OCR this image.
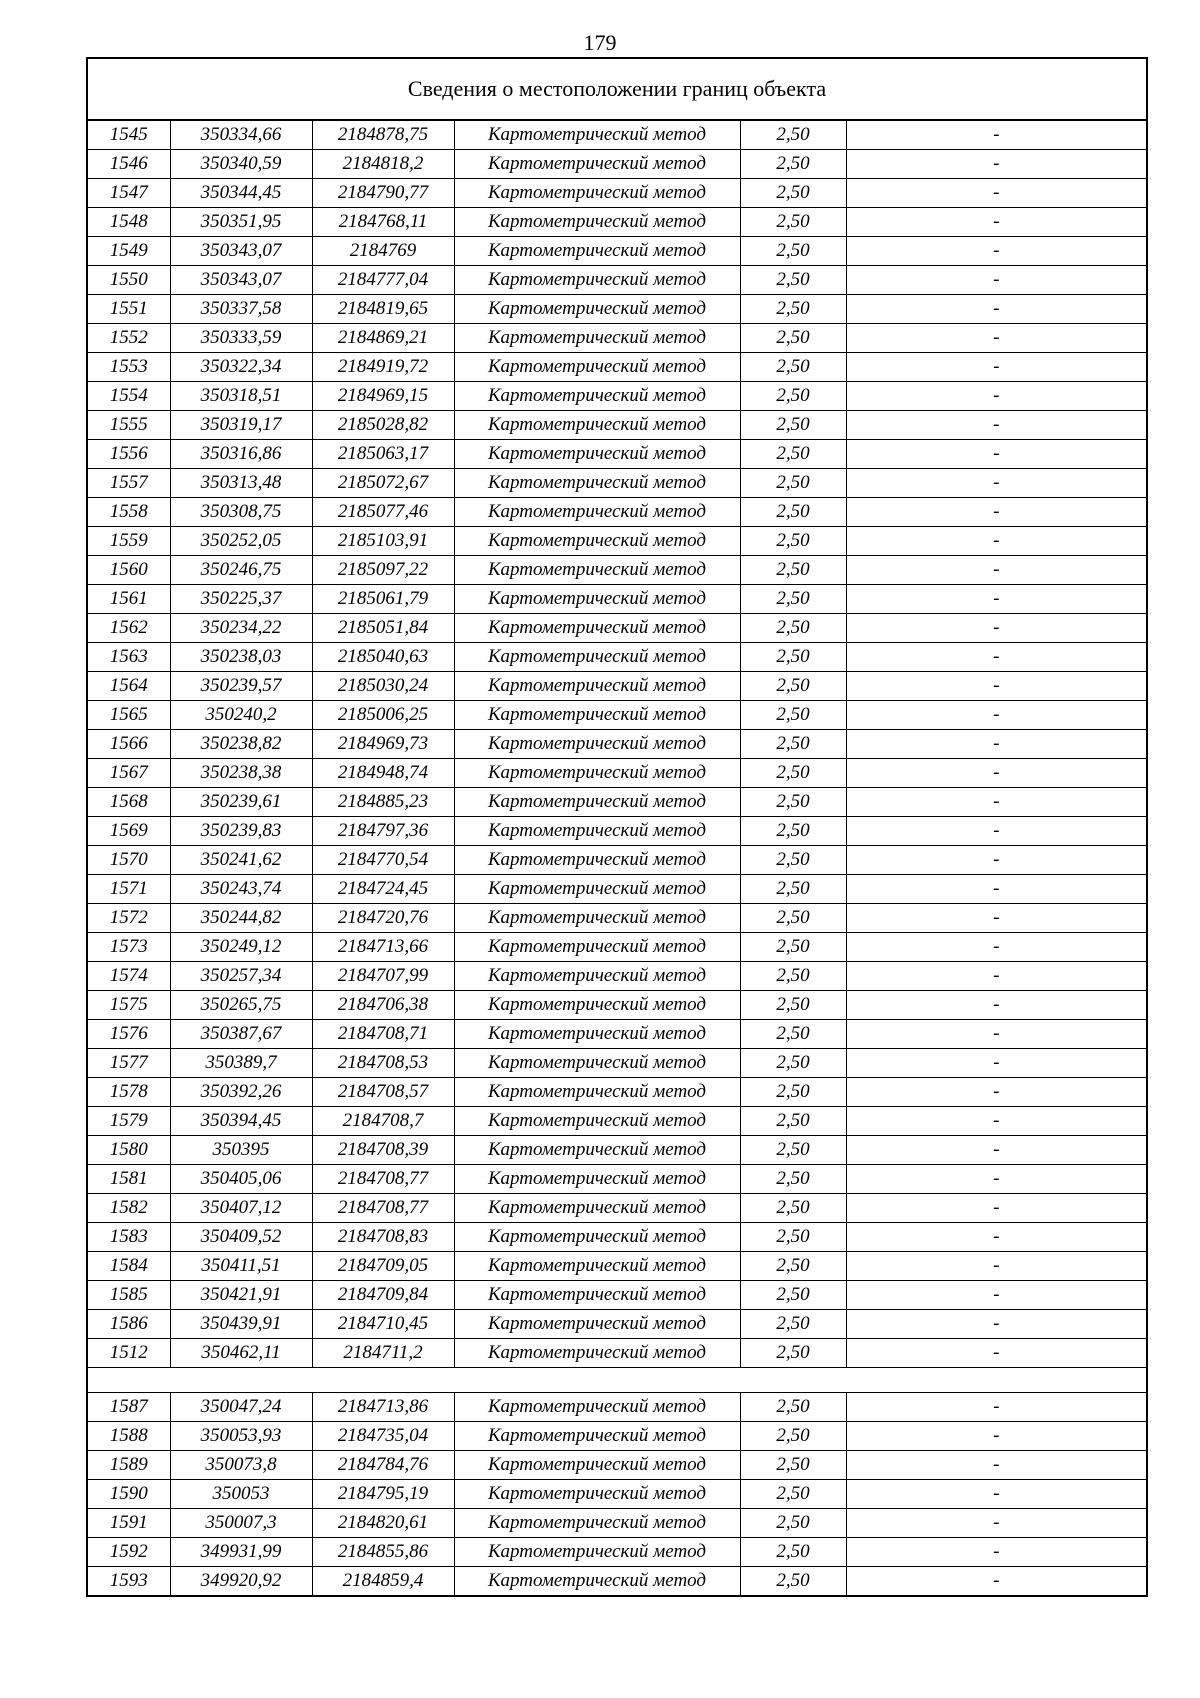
179
Сведения о местоположении границ объекта
1545	350334,66	2184878,75	Картометрический метод	2,50	-
1546	350340,59	2184818,2	Картометрический метод	2,50	-
1547	350344,45	2184790,77	Картометрический метод	2,50	-
1548	350351,95	2184768,11	Картометрический метод	2,50	-
1549	350343,07	2184769	Картометрический метод	2,50	-
1550	350343,07	2184777,04	Картометрический метод	2,50	-
1551	350337,58	2184819,65	Картометрический метод	2,50	-
1552	350333,59	2184869,21	Картометрический метод	2,50	-
1553	350322,34	2184919,72	Картометрический метод	2,50	-
1554	350318,51	2184969,15	Картометрический метод	2,50	-
1555	350319,17	2185028,82	Картометрический метод	2,50	-
1556	350316,86	2185063,17	Картометрический метод	2,50	-
1557	350313,48	2185072,67	Картометрический метод	2,50	-
1558	350308,75	2185077,46	Картометрический метод	2,50	-
1559	350252,05	2185103,91	Картометрический метод	2,50	-
1560	350246,75	2185097,22	Картометрический метод	2,50	-
1561	350225,37	2185061,79	Картометрический метод	2,50	-
1562	350234,22	2185051,84	Картометрический метод	2,50	-
1563	350238,03	2185040,63	Картометрический метод	2,50	-
1564	350239,57	2185030,24	Картометрический метод	2,50	-
1565	350240,2	2185006,25	Картометрический метод	2,50	-
1566	350238,82	2184969,73	Картометрический метод	2,50	-
1567	350238,38	2184948,74	Картометрический метод	2,50	-
1568	350239,61	2184885,23	Картометрический метод	2,50	-
1569	350239,83	2184797,36	Картометрический метод	2,50	-
1570	350241,62	2184770,54	Картометрический метод	2,50	-
1571	350243,74	2184724,45	Картометрический метод	2,50	-
1572	350244,82	2184720,76	Картометрический метод	2,50	-
1573	350249,12	2184713,66	Картометрический метод	2,50	-
1574	350257,34	2184707,99	Картометрический метод	2,50	-
1575	350265,75	2184706,38	Картометрический метод	2,50	-
1576	350387,67	2184708,71	Картометрический метод	2,50	-
1577	350389,7	2184708,53	Картометрический метод	2,50	-
1578	350392,26	2184708,57	Картометрический метод	2,50	-
1579	350394,45	2184708,7	Картометрический метод	2,50	-
1580	350395	2184708,39	Картометрический метод	2,50	-
1581	350405,06	2184708,77	Картометрический метод	2,50	-
1582	350407,12	2184708,77	Картометрический метод	2,50	-
1583	350409,52	2184708,83	Картометрический метод	2,50	-
1584	350411,51	2184709,05	Картометрический метод	2,50	-
1585	350421,91	2184709,84	Картометрический метод	2,50	-
1586	350439,91	2184710,45	Картометрический метод	2,50	-
1512	350462,11	2184711,2	Картометрический метод	2,50	-

1587	350047,24	2184713,86	Картометрический метод	2,50	-
1588	350053,93	2184735,04	Картометрический метод	2,50	-
1589	350073,8	2184784,76	Картометрический метод	2,50	-
1590	350053	2184795,19	Картометрический метод	2,50	-
1591	350007,3	2184820,61	Картометрический метод	2,50	-
1592	349931,99	2184855,86	Картометрический метод	2,50	-
1593	349920,92	2184859,4	Картометрический метод	2,50	-
